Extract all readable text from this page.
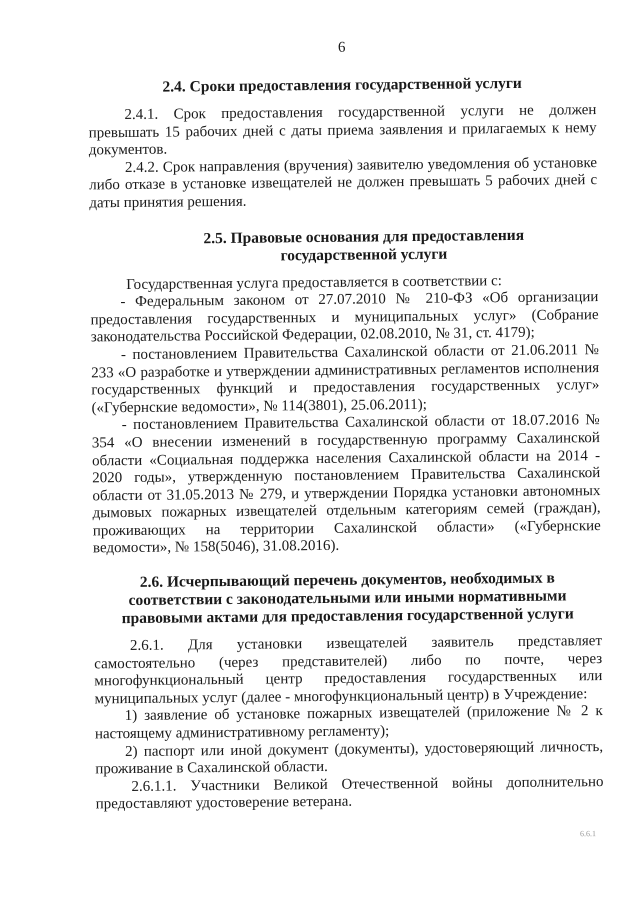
6
2.4. Сроки предоставления государственной услуги

2.4.1. Срок предоставления государственной услуги не должен превышать 15 рабочих дней с даты приема заявления и прилагаемых к нему документов.

2.4.2. Срок направления (вручения) заявителю уведомления об установке либо отказе в установке извещателей не должен превышать 5 рабочих дней с даты принятия решения.

2.5. Правовые основания для предоставления государственной услуги

Государственная услуга предоставляется в соответствии с:

- Федеральным законом от 27.07.2010 № 210-ФЗ «Об организации предоставления государственных и муниципальных услуг» (Собрание законодательства Российской Федерации, 02.08.2010, № 31, ст. 4179);

- постановлением Правительства Сахалинской области от 21.06.2011 № 233 «О разработке и утверждении административных регламентов исполнения государственных функций и предоставления государственных услуг» («Губернские ведомости», № 114(3801), 25.06.2011);

- постановлением Правительства Сахалинской области от 18.07.2016 № 354 «О внесении изменений в государственную программу Сахалинской области «Социальная поддержка населения Сахалинской области на 2014 - 2020 годы», утвержденную постановлением Правительства Сахалинской области от 31.05.2013 № 279, и утверждении Порядка установки автономных дымовых пожарных извещателей отдельным категориям семей (граждан), проживающих на территории Сахалинской области» («Губернские ведомости», № 158(5046), 31.08.2016).

2.6. Исчерпывающий перечень документов, необходимых в соответствии с законодательными или иными нормативными правовыми актами для предоставления государственной услуги

2.6.1. Для установки извещателей заявитель представляет самостоятельно (через представителей) либо по почте, через многофункциональный центр предоставления государственных или муниципальных услуг (далее - многофункциональный центр) в Учреждение:

1) заявление об установке пожарных извещателей (приложение № 2 к настоящему административному регламенту);

2) паспорт или иной документ (документы), удостоверяющий личность, проживание в Сахалинской области.

2.6.1.1. Участники Великой Отечественной войны дополнительно предоставляют удостоверение ветерана.

6.6.1
